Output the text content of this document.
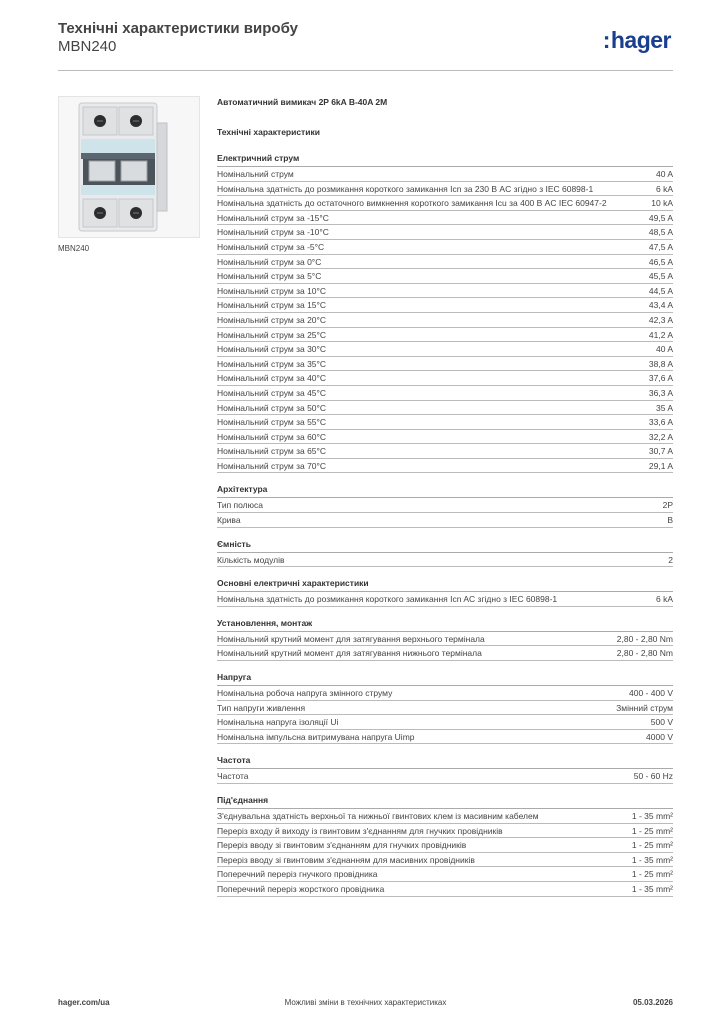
Технічні характеристики виробу
MBN240	:hager
MBN240
Автоматичний вимикач 2P 6kA B-40A 2M
Технічні характеристики
Електричний струм
Номінальний струм	40 A
Номінальна здатність до розмикання короткого замикання Icn за 230 В AC згідно з IEC 60898-1	6 kA
Номінальна здатність до остаточного вимкнення короткого замикання Icu за 400 В AC IEC 60947-2	10 kA
Номінальний струм за -15°C	49,5 A
Номінальний струм за -10°C	48,5 A
Номінальний струм за -5°C	47,5 A
Номінальний струм за 0°C	46,5 A
Номінальний струм за 5°C	45,5 A
Номінальний струм за 10°C	44,5 A
Номінальний струм за 15°C	43,4 A
Номінальний струм за 20°C	42,3 A
Номінальний струм за 25°C	41,2 A
Номінальний струм за 30°C	40 A
Номінальний струм за 35°C	38,8 A
Номінальний струм за 40°C	37,6 A
Номінальний струм за 45°C	36,3 A
Номінальний струм за 50°C	35 A
Номінальний струм за 55°C	33,6 A
Номінальний струм за 60°C	32,2 A
Номінальний струм за 65°C	30,7 A
Номінальний струм за 70°C	29,1 A
Архітектура
Тип полюса	2P
Крива	B
Ємність
Кількість модулів	2
Основні електричні характеристики
Номінальна здатність до розмикання короткого замикання Icn AC згідно з IEC 60898-1	6 kA
Установлення, монтаж
Номінальний крутний момент для затягування верхнього термінала	2,80 - 2,80 Nm
Номінальний крутний момент для затягування нижнього термінала	2,80 - 2,80 Nm
Напруга
Номінальна робоча напруга змінного струму	400 - 400 V
Тип напруги живлення	Змінний струм
Номінальна напруга ізоляції Ui	500 V
Номінальна імпульсна витримувана напруга Uimp	4000 V
Частота
Частота	50 - 60 Hz
Під'єднання
З'єднувальна здатність верхньої та нижньої гвинтових клем із масивним кабелем	1 - 35 mm²
Переріз входу й виходу із гвинтовим з'єднанням для гнучких провідників	1 - 25 mm²
Переріз вводу зі гвинтовим з'єднанням для гнучких провідників	1 - 25 mm²
Переріз вводу зі гвинтовим з'єднанням для масивних провідників	1 - 35 mm²
Поперечний переріз гнучкого провідника	1 - 25 mm²
Поперечний переріз жорсткого провідника	1 - 35 mm²
hager.com/ua	Можливі зміни в технічних характеристиках	05.03.2026
